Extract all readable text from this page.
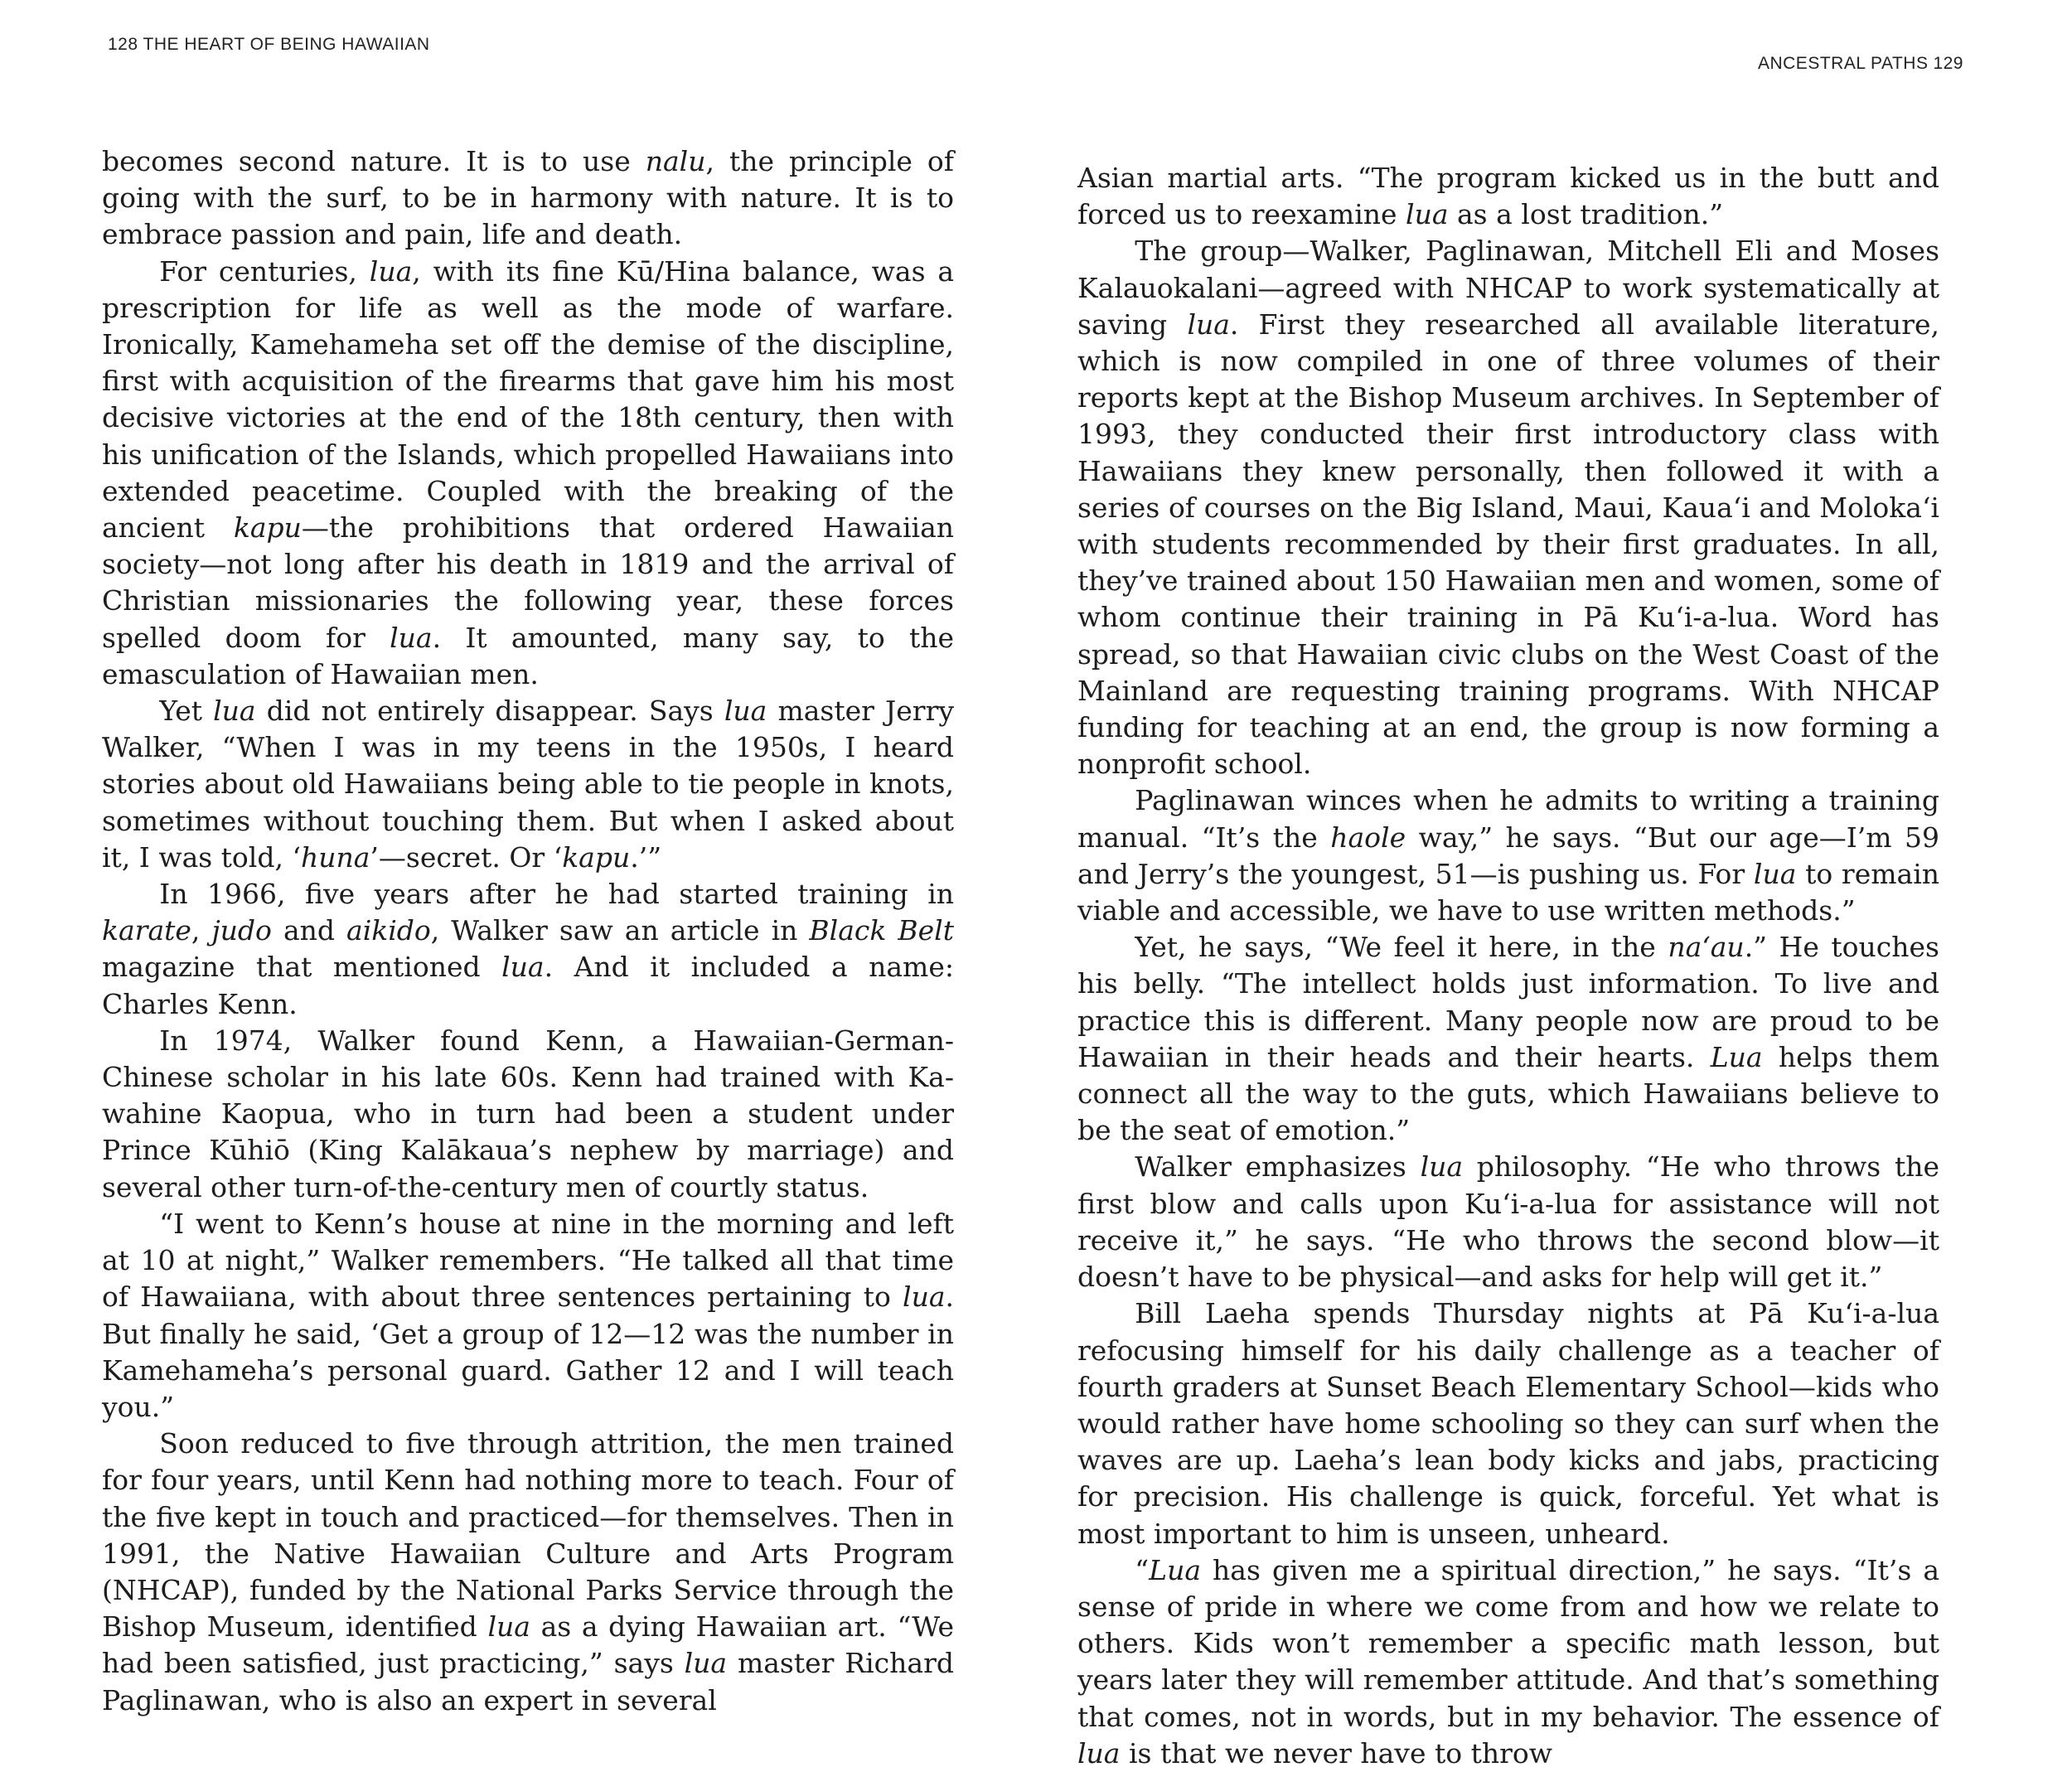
128 THE HEART OF BEING HAWAIIAN

becomes second nature. It is to use nalu, the principle of going with the surf, to be in harmony with nature. It is to embrace passion and pain, life and death.

For centuries, lua, with its fine Kū/Hina balance, was a prescription for life as well as the mode of warfare. Ironically, Kamehameha set off the demise of the discipline, first with acquisition of the firearms that gave him his most decisive victories at the end of the 18th century, then with his unification of the Islands, which propelled Hawaiians into extended peacetime. Coupled with the breaking of the ancient kapu—the prohibitions that ordered Hawaiian society—not long after his death in 1819 and the arrival of Christian missionaries the following year, these forces spelled doom for lua. It amounted, many say, to the emasculation of Hawaiian men.

Yet lua did not entirely disappear. Says lua master Jerry Walker, “When I was in my teens in the 1950s, I heard stories about old Hawaiians being able to tie people in knots, sometimes without touching them. But when I asked about it, I was told, ‘huna’—secret. Or ‘kapu.’”

In 1966, five years after he had started training in karate, judo and aikido, Walker saw an article in Black Belt magazine that mentioned lua. And it included a name: Charles Kenn.

In 1974, Walker found Kenn, a Hawaiian-German-Chinese scholar in his late 60s. Kenn had trained with Ka-wahine Kaopua, who in turn had been a student under Prince Kūhiō (King Kalākaua’s nephew by marriage) and several other turn-of-the-century men of courtly status.

“I went to Kenn’s house at nine in the morning and left at 10 at night,” Walker remembers. “He talked all that time of Hawaiiana, with about three sentences pertaining to lua. But finally he said, ‘Get a group of 12—12 was the number in Kamehameha’s personal guard. Gather 12 and I will teach you.”

Soon reduced to five through attrition, the men trained for four years, until Kenn had nothing more to teach. Four of the five kept in touch and practiced—for themselves. Then in 1991, the Native Hawaiian Culture and Arts Program (NHCAP), funded by the National Parks Service through the Bishop Museum, identified lua as a dying Hawaiian art. “We had been satisfied, just practicing,” says lua master Richard Paglinawan, who is also an expert in several

ANCESTRAL PATHS 129

Asian martial arts. “The program kicked us in the butt and forced us to reexamine lua as a lost tradition.”

The group—Walker, Paglinawan, Mitchell Eli and Moses Kalauokalani—agreed with NHCAP to work systematically at saving lua. First they researched all available literature, which is now compiled in one of three volumes of their reports kept at the Bishop Museum archives. In September of 1993, they conducted their first introductory class with Hawaiians they knew personally, then followed it with a series of courses on the Big Island, Maui, Kaua‘i and Moloka‘i with students recommended by their first graduates. In all, they’ve trained about 150 Hawaiian men and women, some of whom continue their training in Pā Ku‘i-a-lua. Word has spread, so that Hawaiian civic clubs on the West Coast of the Mainland are requesting training programs. With NHCAP funding for teaching at an end, the group is now forming a nonprofit school.

Paglinawan winces when he admits to writing a training manual. “It’s the haole way,” he says. “But our age—I’m 59 and Jerry’s the youngest, 51—is pushing us. For lua to remain viable and accessible, we have to use written methods.”

Yet, he says, “We feel it here, in the na‘au.” He touches his belly. “The intellect holds just information. To live and practice this is different. Many people now are proud to be Hawaiian in their heads and their hearts. Lua helps them connect all the way to the guts, which Hawaiians believe to be the seat of emotion.”

Walker emphasizes lua philosophy. “He who throws the first blow and calls upon Ku‘i-a-lua for assistance will not receive it,” he says. “He who throws the second blow—it doesn’t have to be physical—and asks for help will get it.”

Bill Laeha spends Thursday nights at Pā Ku‘i-a-lua refocusing himself for his daily challenge as a teacher of fourth graders at Sunset Beach Elementary School—kids who would rather have home schooling so they can surf when the waves are up. Laeha’s lean body kicks and jabs, practicing for precision. His challenge is quick, forceful. Yet what is most important to him is unseen, unheard.

“Lua has given me a spiritual direction,” he says. “It’s a sense of pride in where we come from and how we relate to others. Kids won’t remember a specific math lesson, but years later they will remember attitude. And that’s something that comes, not in words, but in my behavior. The essence of lua is that we never have to throw
